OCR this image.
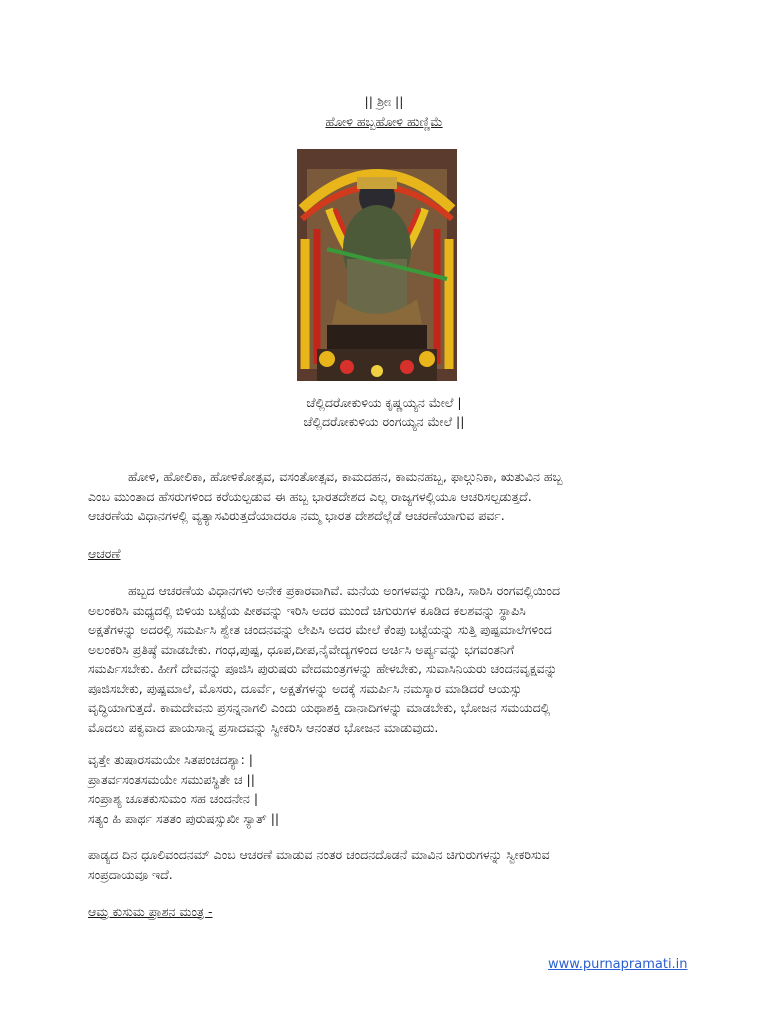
|| ಶ್ರೀಃ ||
ಹೋಳಿ ಹಬ್ಬಹೋಳಿ ಹುಣ್ಣಿಮೆ
ಚೆಲ್ಲಿದರೋಕುಳಿಯ ಕೃಷ್ಣಯ್ಯನ ಮೇಲೆ |
ಚೆಲ್ಲಿದರೋಕುಳಿಯ ರಂಗಯ್ಯನ ಮೇಲೆ ||

ಹೋಳಿ, ಹೋಲಿಕಾ, ಹೋಳಿಕೋತ್ಸವ, ವಸಂತೋತ್ಸವ, ಕಾಮದಹನ, ಕಾಮನಹಬ್ಬ, ಫಾಲ್ಗುನಿಕಾ, ಋತುವಿನ ಹಬ್ಬ

ಎಂಬ ಮುಂತಾದ ಹೆಸರುಗಳಿಂದ ಕರೆಯಲ್ಪಡುವ ಈ ಹಬ್ಬ ಭಾರತದೇಶದ ಎಲ್ಲ ರಾಜ್ಯಗಳಲ್ಲಿಯೂ ಆಚರಿಸಲ್ಪಡುತ್ತದೆ.

ಆಚರಣೆಯ ವಿಧಾನಗಳಲ್ಲಿ ವ್ಯತ್ಯಾಸವಿರುತ್ತದೆಯಾದರೂ ನಮ್ಮ ಭಾರತ ದೇಶದೆಲ್ಲೆಡೆ ಆಚರಣೆಯಾಗುವ ಪರ್ವ.

ಆಚರಣೆ

ಹಬ್ಬದ ಆಚರಣೆಯ ವಿಧಾನಗಳು ಅನೇಕ ಪ್ರಕಾರವಾಗಿವೆ. ಮನೆಯ ಅಂಗಳವನ್ನು ಗುಡಿಸಿ, ಸಾರಿಸಿ ರಂಗವಲ್ಲಿಯಿಂದ

ಅಲಂಕರಿಸಿ ಮಧ್ಯದಲ್ಲಿ ಬಿಳಿಯ ಬಟ್ಟೆಯ ಪೀಠವನ್ನು ಇರಿಸಿ ಅದರ ಮುಂದೆ ಚಿಗುರುಗಳ ಕೂಡಿದ ಕಲಶವನ್ನು ಸ್ಥಾಪಿಸಿ

ಅಕ್ಷತೆಗಳನ್ನು ಅದರಲ್ಲಿ ಸಮರ್ಪಿಸಿ ಶ್ವೇತ ಚಂದನವನ್ನು ಲೇಪಿಸಿ ಅದರ ಮೇಲೆ ಕೆಂಪು ಬಟ್ಟೆಯನ್ನು ಸುತ್ತಿ ಪುಷ್ಪಮಾಲೆಗಳಿಂದ

ಅಲಂಕರಿಸಿ ಪ್ರತಿಷ್ಠೆ ಮಾಡಬೇಕು. ಗಂಧ,ಪುಷ್ಪ, ಧೂಪ,ದೀಪ,ನೈವೇದ್ಯಗಳಿಂದ ಅರ್ಚಿಸಿ ಅರ್ಪ್ಯವನ್ನು ಭಗವಂತನಿಗೆ

ಸಮರ್ಪಿಸಬೇಕು. ಹೀಗೆ ದೇವನನ್ನು ಪೂಜಿಸಿ ಪುರುಷರು ವೇದಮಂತ್ರಗಳನ್ನು ಹೇಳಬೇಕು, ಸುವಾಸಿನಿಯರು ಚಂದನವೃಕ್ಷವನ್ನು

ಪೂಜಿಸಬೇಕು, ಪುಷ್ಪಮಾಲೆ, ಮೊಸರು, ದೂರ್ವೆ, ಅಕ್ಷತೆಗಳನ್ನು ಅದಕ್ಕೆ ಸಮರ್ಪಿಸಿ ನಮಸ್ಕಾರ ಮಾಡಿದರೆ ಆಯಸ್ಸು

ವೃದ್ಧಿಯಾಗುತ್ತದೆ. ಕಾಮದೇವನು ಪ್ರಸನ್ನನಾಗಲಿ ಎಂದು ಯಥಾಶಕ್ತಿ ದಾನಾದಿಗಳನ್ನು ಮಾಡಬೇಕು, ಭೋಜನ ಸಮಯದಲ್ಲಿ

ಮೊದಲು ಪಕ್ವವಾದ ಪಾಯಸಾನ್ನ ಪ್ರಸಾದವನ್ನು ಸ್ವೀಕರಿಸಿ ಆನಂತರ ಭೋಜನ ಮಾಡುವುದು.

ವೃತ್ತೇ ತುಷಾರಸಮಯೇ ಸಿತಪಂಚದಶ್ಯಾ: |

ಪ್ರಾತರ್ವಸಂತಸಮಯೇ ಸಮುಪಸ್ಥಿತೇ ಚ ||

ಸಂಪ್ರಾಶ್ಯ ಚೂತಕುಸುಮಂ ಸಹ ಚಂದನೇನ |

ಸತ್ಯಂ ಹಿ ಪಾರ್ಥ ಸತತಂ ಪುರುಷಸ್ಸುಖೀ ಸ್ಯಾತ್ ||

ಪಾಡ್ಯದ ದಿನ ಧೂಲಿವಂದನಮ್ ಎಂಬ ಆಚರಣೆ ಮಾಡುವ ನಂತರ ಚಂದನದೊಡನೆ ಮಾವಿನ ಚಿಗುರುಗಳನ್ನು ಸ್ವೀಕರಿಸುವ

ಸಂಪ್ರದಾಯವೂ ಇದೆ.

ಆಮ್ರ ಕುಸುಮ ಪ್ರಾಶನ ಮಂತ್ರ -
www.purnapramati.in
